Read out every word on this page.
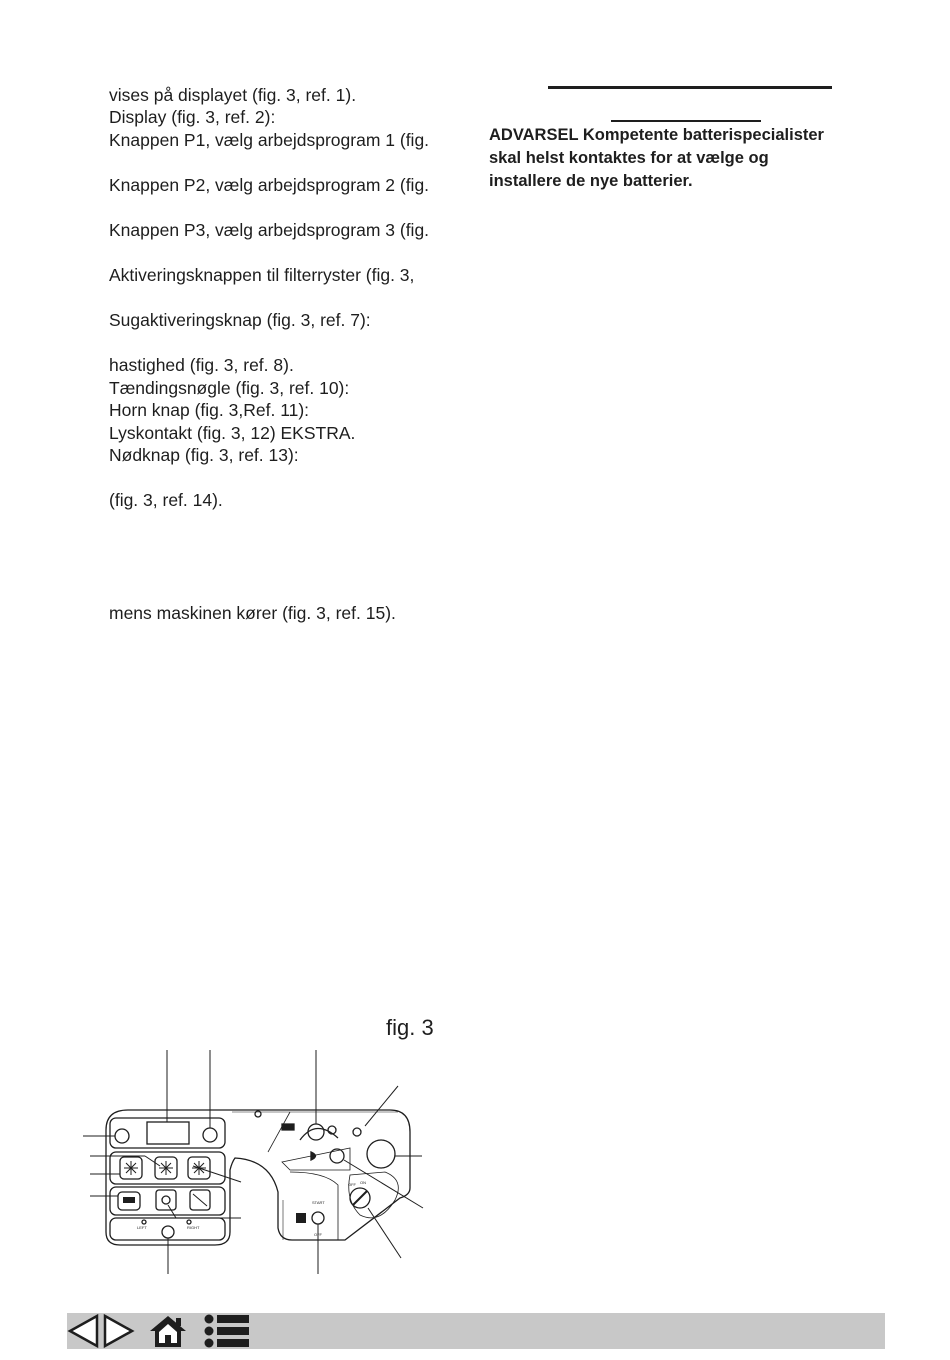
vises på displayet (fig. 3, ref. 1).
Display (fig. 3, ref. 2):
Knappen P1, vælg arbejdsprogram 1 (fig.
Knappen P2, vælg arbejdsprogram 2 (fig.
Knappen P3, vælg arbejdsprogram 3 (fig.
Aktiveringsknappen til filterryster (fig. 3,
Sugaktiveringsknap (fig. 3, ref. 7):
hastighed (fig. 3, ref. 8).
Tændingsnøgle (fig. 3, ref. 10):
Horn knap (fig. 3,Ref. 11):
Lyskontakt (fig. 3, 12) EKSTRA.
Nødknap (fig. 3, ref. 13):
(fig. 3, ref. 14).
mens maskinen kører (fig. 3, ref. 15).
ADVARSEL Kompetente batterispecialister
skal helst kontaktes for at vælge og
installere de nye batterier.
fig. 3
LEFT	RIGHT
START
OFF
OFF ON
